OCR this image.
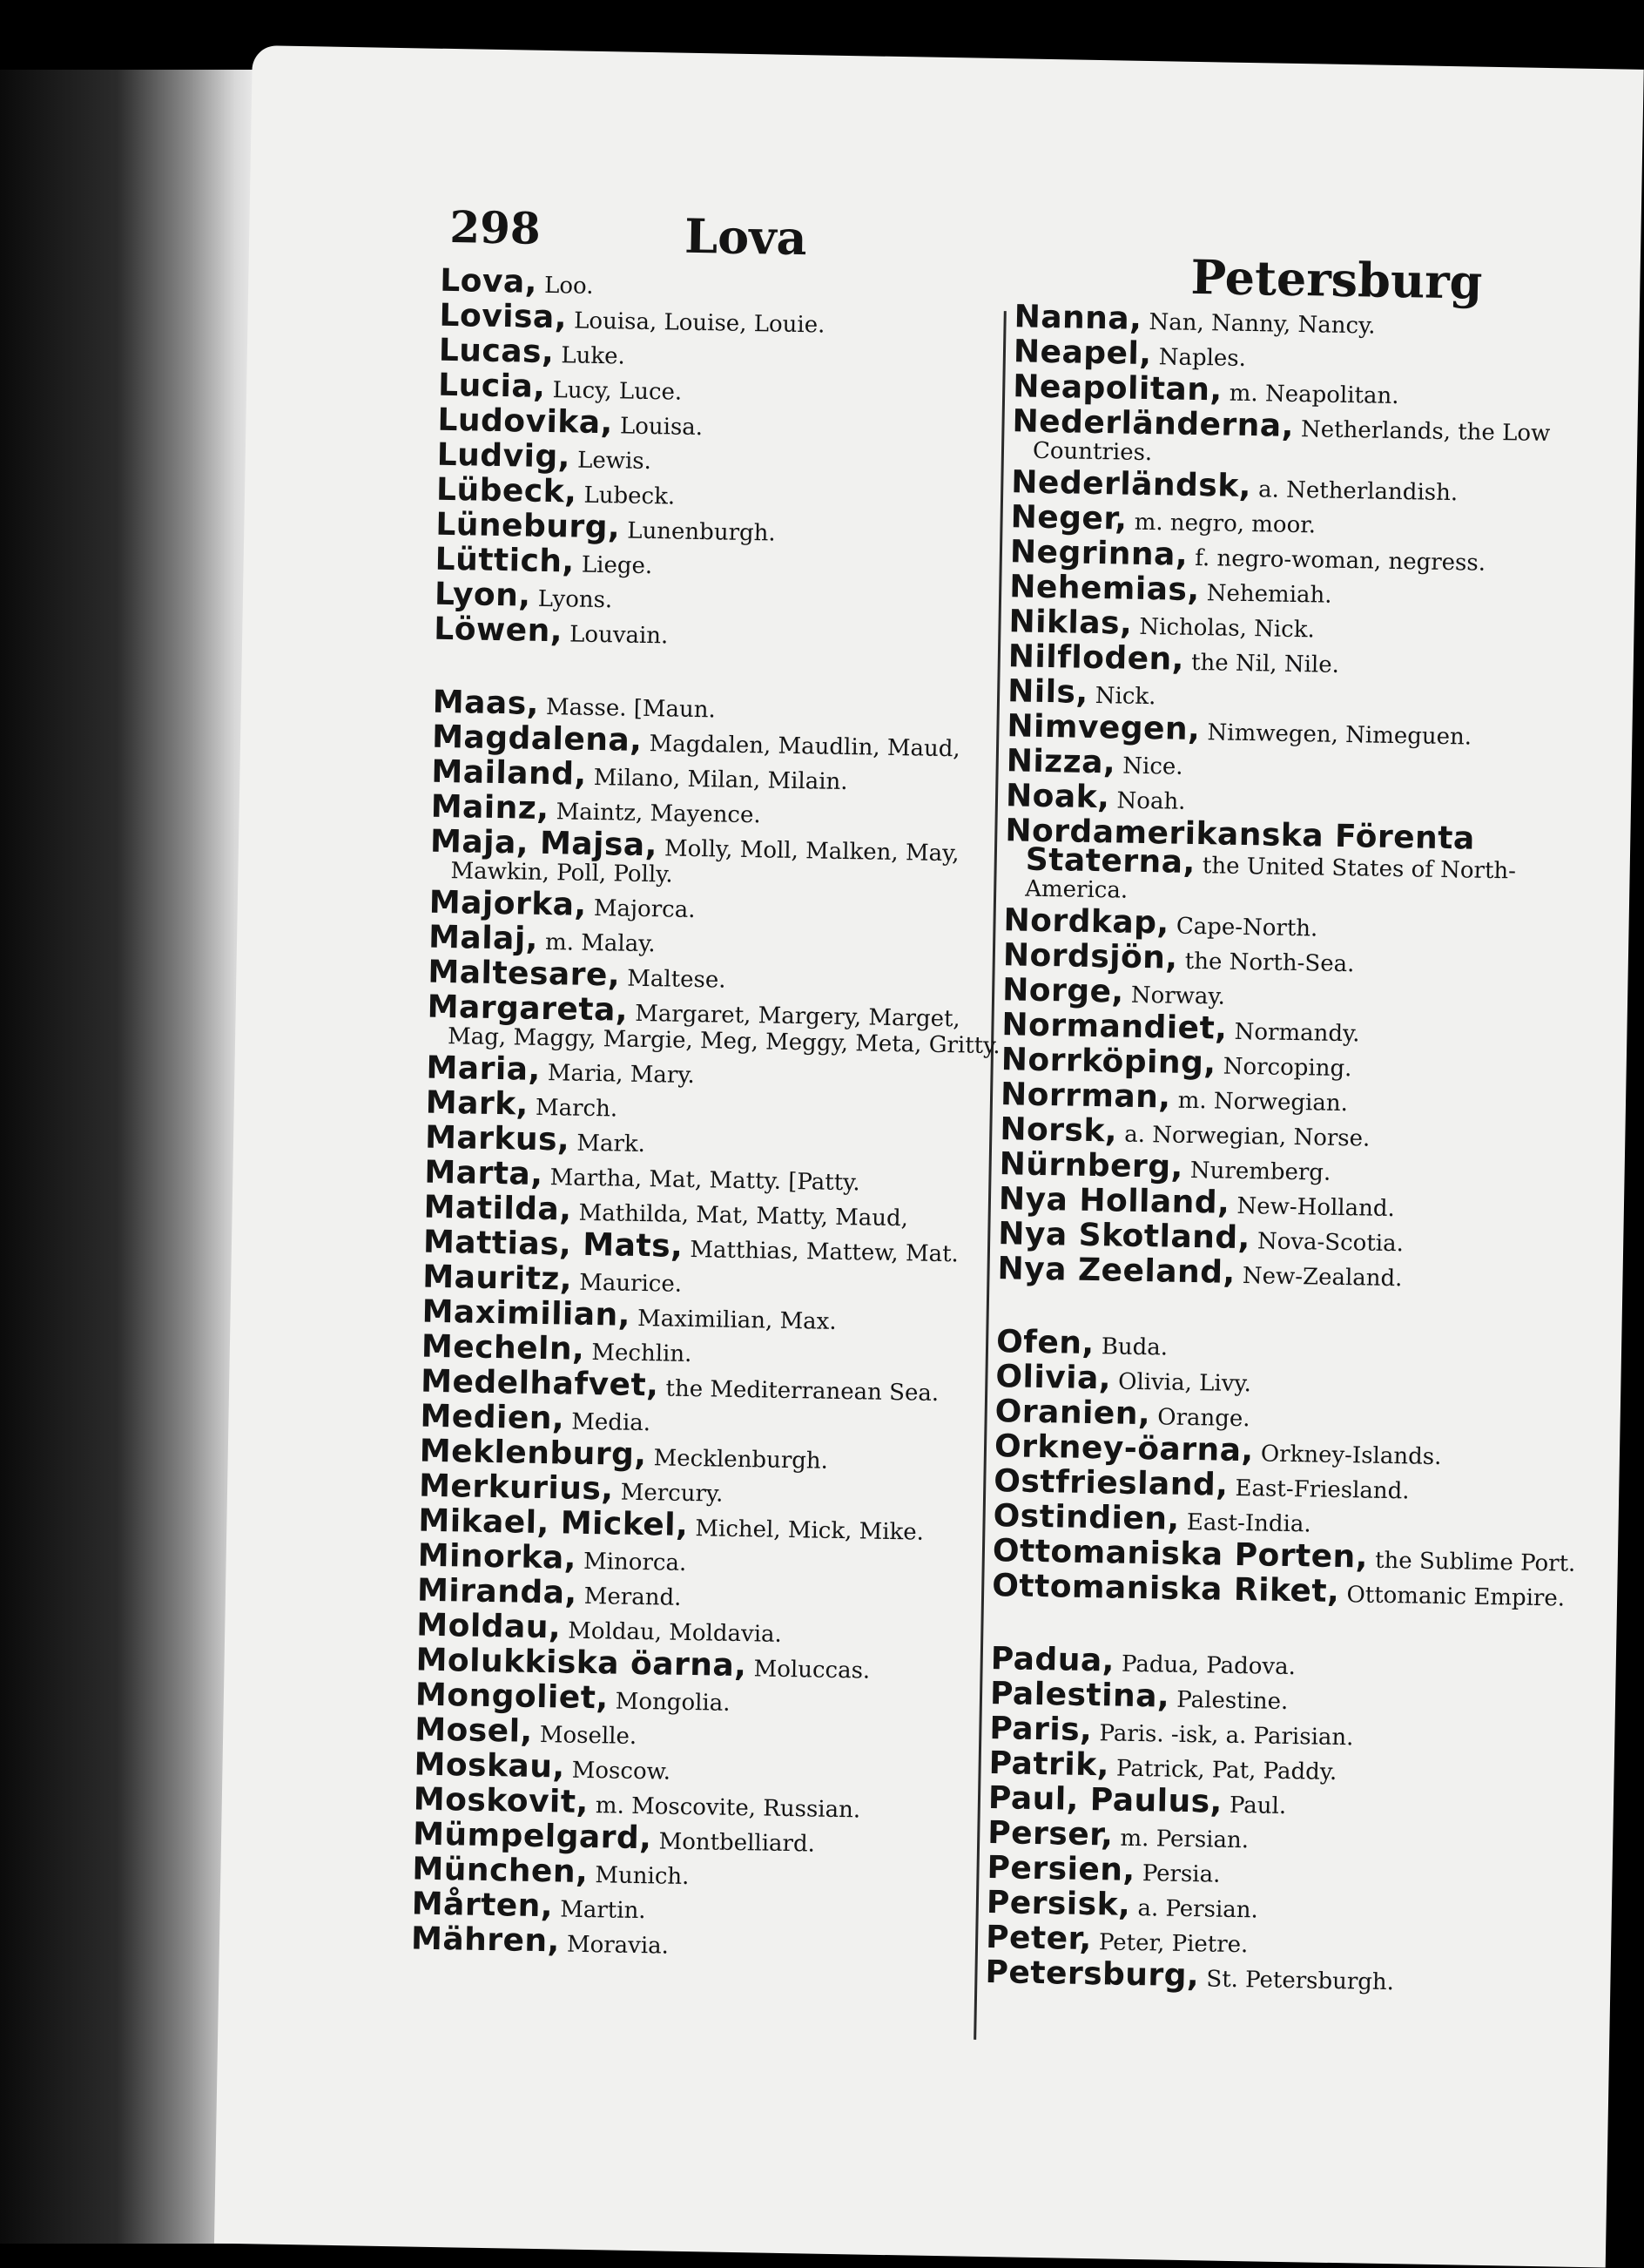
298	Lova
Petersburg
Lova, Loo.
Lovisa, Louisa, Louise, Louie.
Lucas, Luke.
Lucia, Lucy, Luce.
Ludovika, Louisa.
Ludvig, Lewis.
Lübeck, Lubeck.
Lüneburg, Lunenburgh.
Lüttich, Liege.
Lyon, Lyons.
Löwen, Louvain.
Maas, Masse. [Maun.
Magdalena, Magdalen, Maudlin, Maud,
Mailand, Milano, Milan, Milain.
Mainz, Maintz, Mayence.
Maja, Majsa, Molly, Moll, Malken, May, Mawkin, Poll, Polly.
Majorka, Majorca.
Malaj, m. Malay.
Maltesare, Maltese.
Margareta, Margaret, Margery, Marget, Mag, Maggy, Margie, Meg, Meggy, Meta, Gritty.
Maria, Maria, Mary.
Mark, March.
Markus, Mark.
Marta, Martha, Mat, Matty. [Patty.
Matilda, Mathilda, Mat, Matty, Maud,
Mattias, Mats, Matthias, Mattew, Mat.
Mauritz, Maurice.
Maximilian, Maximilian, Max.
Mecheln, Mechlin.
Medelhafvet, the Mediterranean Sea.
Medien, Media.
Meklenburg, Mecklenburgh.
Merkurius, Mercury.
Mikael, Mickel, Michel, Mick, Mike.
Minorka, Minorca.
Miranda, Merand.
Moldau, Moldau, Moldavia.
Molukkiska öarna, Moluccas.
Mongoliet, Mongolia.
Mosel, Moselle.
Moskau, Moscow.
Moskovit, m. Moscovite, Russian.
Mümpelgard, Montbelliard.
München, Munich.
Mårten, Martin.
Mähren, Moravia.
Nanna, Nan, Nanny, Nancy.
Neapel, Naples.
Neapolitan, m. Neapolitan.
Nederländerna, Netherlands, the Low Countries.
Nederländsk, a. Netherlandish.
Neger, m. negro, moor.
Negrinna, f. negro-woman, negress.
Nehemias, Nehemiah.
Niklas, Nicholas, Nick.
Nilfloden, the Nil, Nile.
Nils, Nick.
Nimvegen, Nimwegen, Nimeguen.
Nizza, Nice.
Noak, Noah.
Nordamerikanska Förenta Staterna, the United States of North-America.
Nordkap, Cape-North.
Nordsjön, the North-Sea.
Norge, Norway.
Normandiet, Normandy.
Norrköping, Norcoping.
Norrman, m. Norwegian.
Norsk, a. Norwegian, Norse.
Nürnberg, Nuremberg.
Nya Holland, New-Holland.
Nya Skotland, Nova-Scotia.
Nya Zeeland, New-Zealand.
Ofen, Buda.
Olivia, Olivia, Livy.
Oranien, Orange.
Orkney-öarna, Orkney-Islands.
Ostfriesland, East-Friesland.
Ostindien, East-India.
Ottomaniska Porten, the Sublime Port.
Ottomaniska Riket, Ottomanic Empire.
Padua, Padua, Padova.
Palestina, Palestine.
Paris, Paris. -isk, a. Parisian.
Patrik, Patrick, Pat, Paddy.
Paul, Paulus, Paul.
Perser, m. Persian.
Persien, Persia.
Persisk, a. Persian.
Peter, Peter, Pietre.
Petersburg, St. Petersburgh.
